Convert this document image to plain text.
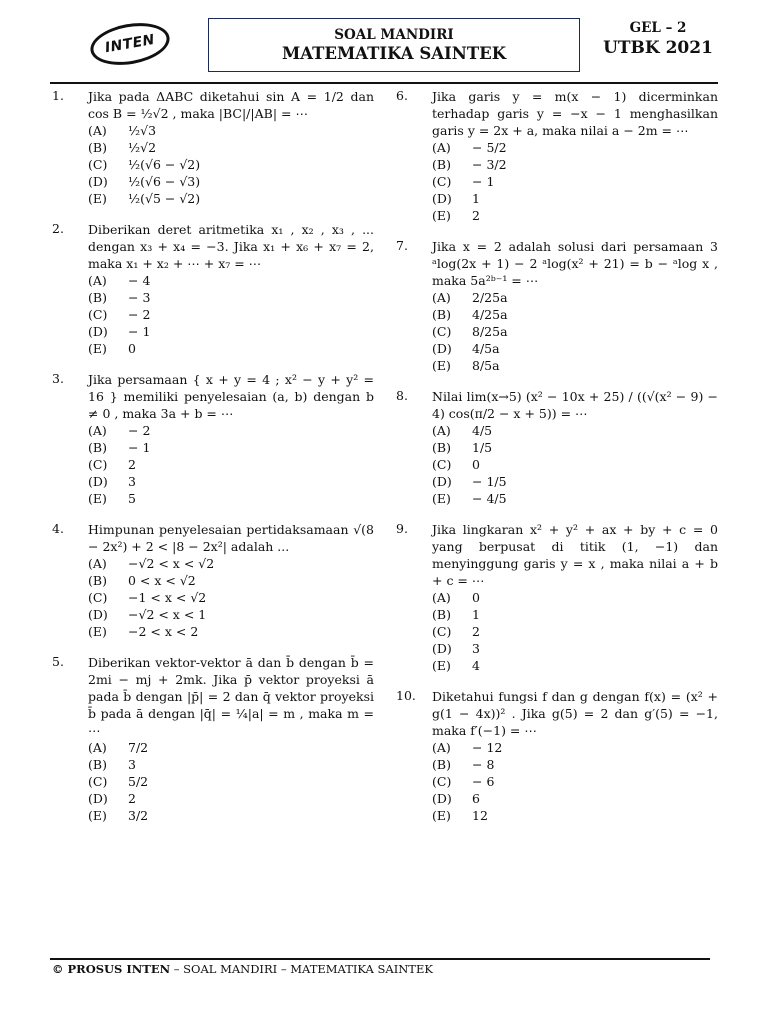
INTEN	SOAL MANDIRI
MATEMATIKA SAINTEK
GEL – 2
UTBK 2021
1.	Jika pada ΔABC diketahui sin A = 1/2 dan cos B = ½√2 , maka |BC|/|AB| = ⋯
(A)	½√3
(B)	½√2
(C)	½(√6 − √2)
(D)	½(√6 − √3)
(E)	½(√5 − √2)
2.	Diberikan deret aritmetika x₁ , x₂ , x₃ , ... dengan x₃ + x₄ = −3. Jika x₁ + x₆ + x₇ = 2, maka x₁ + x₂ + ⋯ + x₇ = ⋯
(A)	− 4
(B)	− 3
(C)	− 2
(D)	− 1
(E)	0
3.	Jika persamaan { x + y = 4 ; x² − y + y² = 16 } memiliki penyelesaian (a, b) dengan b ≠ 0 , maka 3a + b = ⋯
(A)	− 2
(B)	− 1
(C)	2
(D)	3
(E)	5
4.	Himpunan penyelesaian pertidaksamaan √(8 − 2x²) + 2 < |8 − 2x²| adalah ...
(A)	−√2 < x < √2
(B)	0 < x < √2
(C)	−1 < x < √2
(D)	−√2 < x < 1
(E)	−2 < x < 2
5.	Diberikan vektor-vektor ā dan b̄ dengan b̄ = 2mi − mj + 2mk. Jika p̄ vektor proyeksi ā pada b̄ dengan |p̄| = 2 dan q̄ vektor proyeksi b̄ pada ā dengan |q̄| = ¼|a| = m , maka m = ⋯
(A)	7/2
(B)	3
(C)	5/2
(D)	2
(E)	3/2
6.	Jika garis y = m(x − 1) dicerminkan terhadap garis y = −x − 1 menghasilkan garis y = 2x + a, maka nilai a − 2m = ⋯
(A)	− 5/2
(B)	− 3/2
(C)	− 1
(D)	1
(E)	2
7.	Jika x = 2 adalah solusi dari persamaan 3 ᵃlog(2x + 1) − 2 ᵃlog(x² + 21) = b − ᵃlog x , maka 5a²ᵇ⁻¹ = ⋯
(A)	2/25a
(B)	4/25a
(C)	8/25a
(D)	4/5a
(E)	8/5a
8.	Nilai lim(x→5) (x² − 10x + 25) / ((√(x² − 9) − 4) cos(π/2 − x + 5)) = ⋯
(A)	4/5
(B)	1/5
(C)	0
(D)	− 1/5
(E)	− 4/5
9.	Jika lingkaran x² + y² + ax + by + c = 0 yang berpusat di titik (1, −1) dan menyinggung garis y = x , maka nilai a + b + c = ⋯
(A)	0
(B)	1
(C)	2
(D)	3
(E)	4
10.	Diketahui fungsi f dan g dengan f(x) = (x² + g(1 − 4x))² . Jika g(5) = 2 dan g′(5) = −1, maka f′(−1) = ⋯
(A)	− 12
(B)	− 8
(C)	− 6
(D)	6
(E)	12
© PROSUS INTEN – SOAL MANDIRI – MATEMATIKA SAINTEK
